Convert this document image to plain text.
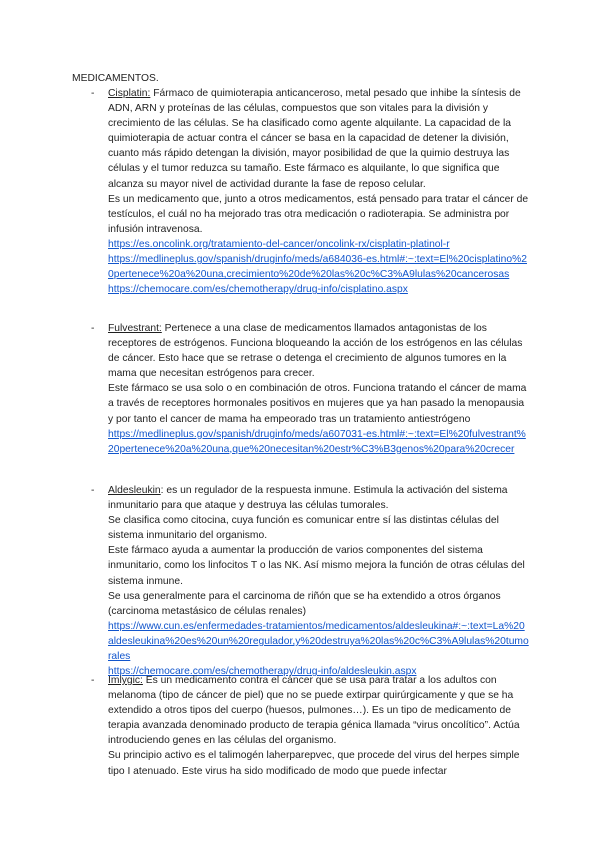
MEDICAMENTOS.
- Cisplatin: Fármaco de quimioterapia anticanceroso, metal pesado que inhibe la síntesis de ADN, ARN y proteínas de las células, compuestos que son vitales para la división y crecimiento de las células. Se ha clasificado como agente alquilante. La capacidad de la quimioterapia de actuar contra el cáncer se basa en la capacidad de detener la división, cuanto más rápido detengan la división, mayor posibilidad de que la quimio destruya las células y el tumor reduzca su tamaño. Este fármaco es alquilante, lo que significa que alcanza su mayor nivel de actividad durante la fase de reposo celular.

Es un medicamento que, junto a otros medicamentos, está pensado para tratar el cáncer de testículos, el cuál no ha mejorado tras otra medicación o radioterapia. Se administra por infusión intravenosa.

https://es.oncolink.org/tratamiento-del-cancer/oncolink-rx/cisplatin-platinol-r
https://medlineplus.gov/spanish/druginfo/meds/a684036-es.html#:~:text=El%20cisplatino%20pertenece%20a%20una,crecimiento%20de%20las%20c%C3%A9lulas%20cancerosas
https://chemocare.com/es/chemotherapy/drug-info/cisplatino.aspx
- Fulvestrant: Pertenece a una clase de medicamentos llamados antagonistas de los receptores de estrógenos. Funciona bloqueando la acción de los estrógenos en las células de cáncer. Esto hace que se retrase o detenga el crecimiento de algunos tumores en la mama que necesitan estrógenos para crecer.

Este fármaco se usa solo o en combinación de otros. Funciona tratando el cáncer de mama a través de receptores hormonales positivos en mujeres que ya han pasado la menopausia y por tanto el cancer de mama ha empeorado tras un tratamiento antiestrógeno

https://medlineplus.gov/spanish/druginfo/meds/a607031-es.html#:~:text=El%20fulvestrant%20pertenece%20a%20una,que%20necesitan%20estr%C3%B3genos%20para%20crecer
- Aldesleukin: es un regulador de la respuesta inmune. Estimula la activación del sistema inmunitario para que ataque y destruya las células tumorales.

Se clasifica como citocina, cuya función es comunicar entre sí las distintas células del sistema inmunitario del organismo.

Este fármaco ayuda a aumentar la producción de varios componentes del sistema inmunitario, como los linfocitos T o las NK. Así mismo mejora la función de otras células del sistema inmune.

Se usa generalmente para el carcinoma de riñón que se ha extendido a otros órganos (carcinoma metastásico de células renales)

https://www.cun.es/enfermedades-tratamientos/medicamentos/aldesleukina#:~:text=La%20aldesleukina%20es%20un%20regulador,y%20destruya%20las%20c%C3%A9lulas%20tumorales
https://chemocare.com/es/chemotherapy/drug-info/aldesleukin.aspx
- Imlygic: Es un medicamento contra el cáncer que se usa para tratar a los adultos con melanoma (tipo de cáncer de piel) que no se puede extirpar quirúrgicamente y que se ha extendido a otros tipos del cuerpo (huesos, pulmones…). Es un tipo de medicamento de terapia avanzada denominado producto de terapia génica llamada “virus oncolítico”. Actúa introduciendo genes en las células del organismo.

Su principio activo es el talimogén laherparepvec, que procede del virus del herpes simple tipo I atenuado. Este virus ha sido modificado de modo que puede infectar
